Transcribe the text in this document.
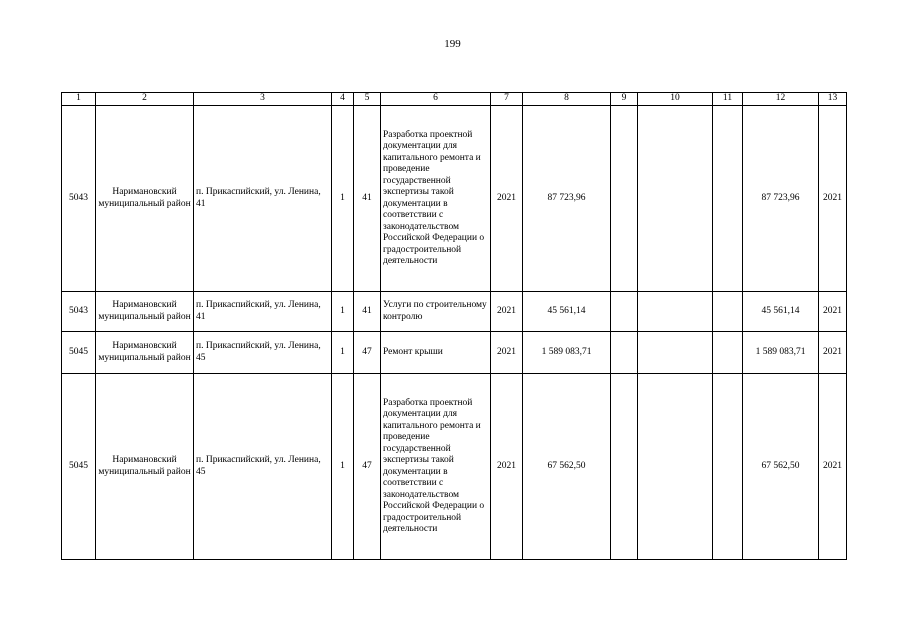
199
1	2	3	4	5	6	7	8	9	10	11	12	13
5043	Наримановский муниципальный район	п. Прикаспийский, ул. Ленина, 41	1	41	Разработка проектной документации для капитального ремонта и проведение государственной экспертизы такой документации в соответствии с законодательством Российской Федерации о градостроительной деятельности	2021	87 723,96				87 723,96	2021
5043	Наримановский муниципальный район	п. Прикаспийский, ул. Ленина, 41	1	41	Услуги по строительному контролю	2021	45 561,14				45 561,14	2021
5045	Наримановский муниципальный район	п. Прикаспийский, ул. Ленина, 45	1	47	Ремонт крыши	2021	1 589 083,71				1 589 083,71	2021
5045	Наримановский муниципальный район	п. Прикаспийский, ул. Ленина, 45	1	47	Разработка проектной документации для капитального ремонта и проведение государственной экспертизы такой документации в соответствии с законодательством Российской Федерации о градостроительной деятельности	2021	67 562,50				67 562,50	2021
